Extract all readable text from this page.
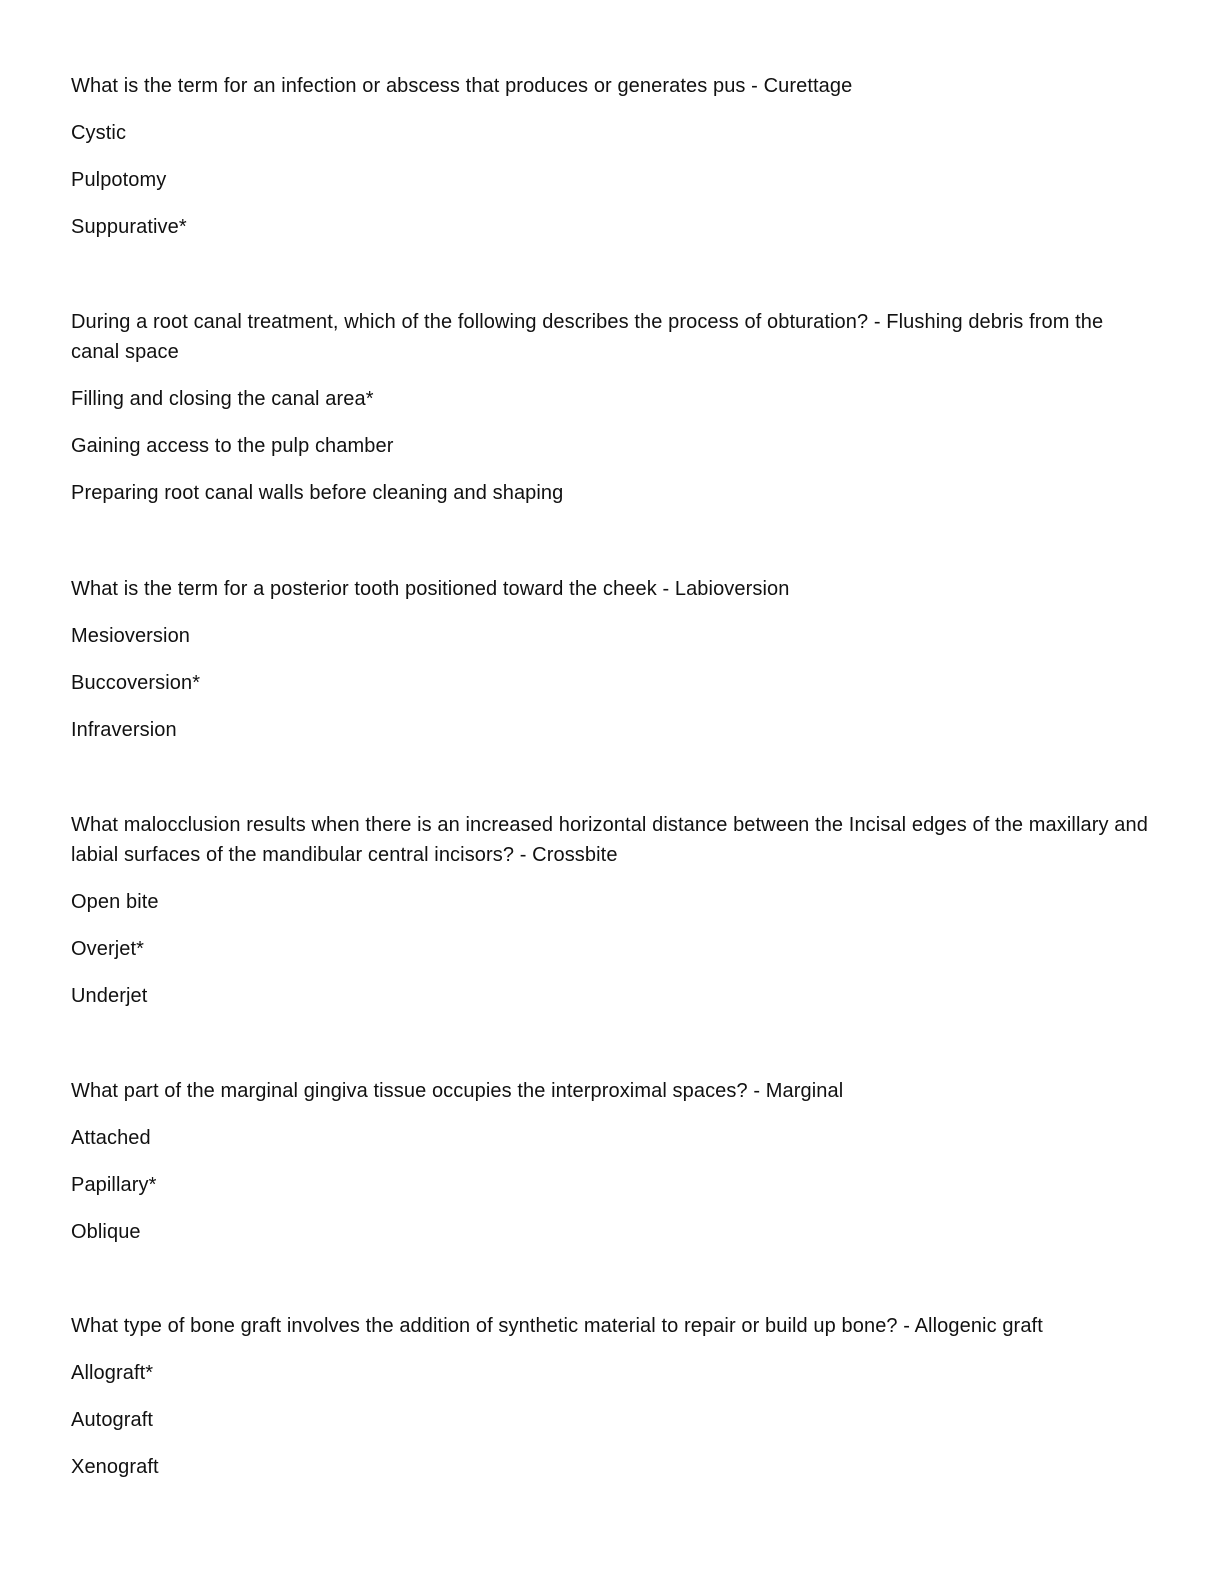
What is the term for an infection or abscess that produces or generates pus - Curettage

Cystic

Pulpotomy

Suppurative*

During a root canal treatment, which of the following describes the process of obturation? - Flushing debris from the canal space

Filling and closing the canal area*

Gaining access to the pulp chamber

Preparing root canal walls before cleaning and shaping

What is the term for a posterior tooth positioned toward the cheek - Labioversion

Mesioversion

Buccoversion*

Infraversion

What malocclusion results when there is an increased horizontal distance between the Incisal edges of the maxillary and labial surfaces of the mandibular central incisors? - Crossbite

Open bite

Overjet*

Underjet

What part of the marginal gingiva tissue occupies the interproximal spaces? - Marginal

Attached

Papillary*

Oblique

What type of bone graft involves the addition of synthetic material to repair or build up bone? - Allogenic graft

Allograft*

Autograft

Xenograft
